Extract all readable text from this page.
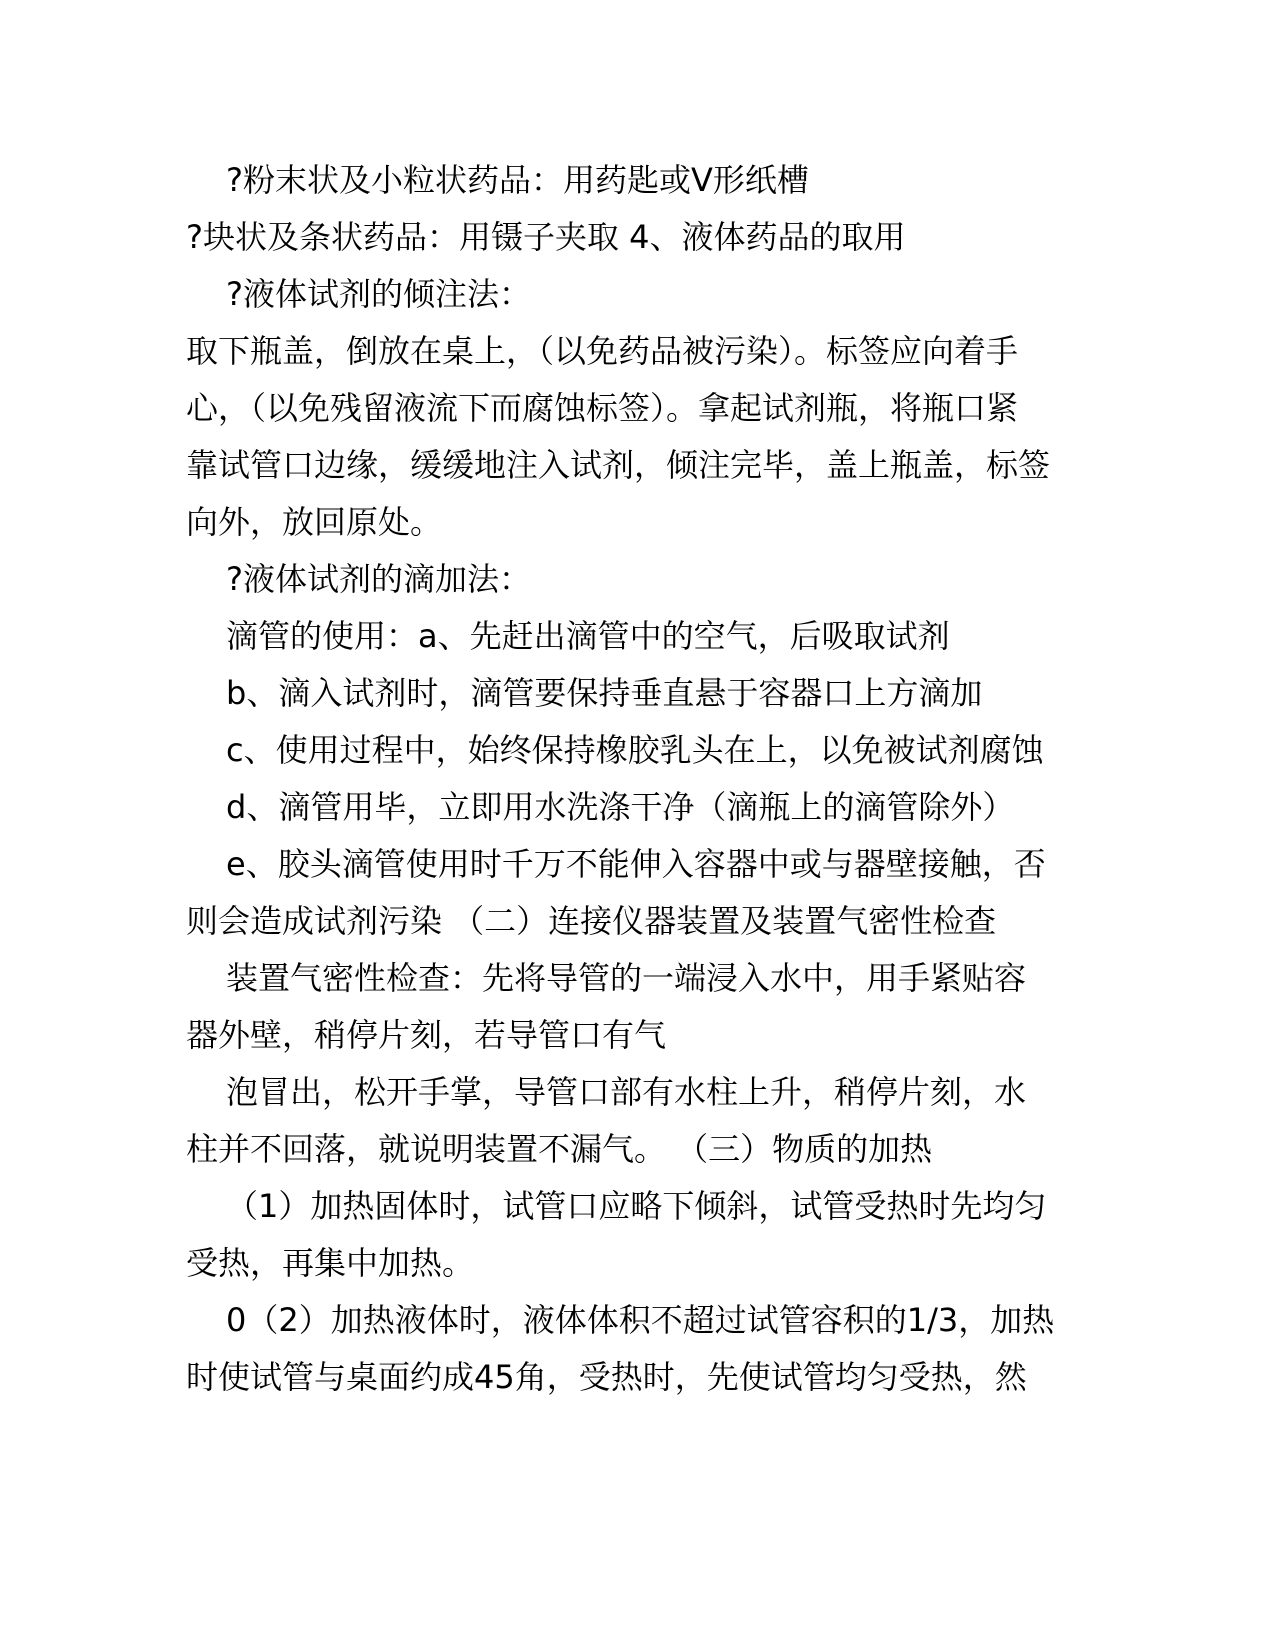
?粉末状及小粒状药品：用药匙或V形纸槽
?块状及条状药品：用镊子夹取 4、液体药品的取用
?液体试剂的倾注法：
取下瓶盖，倒放在桌上，（以免药品被污染）。标签应向着手
心，（以免残留液流下而腐蚀标签）。拿起试剂瓶，将瓶口紧
靠试管口边缘，缓缓地注入试剂，倾注完毕，盖上瓶盖，标签
向外，放回原处。
?液体试剂的滴加法：
滴管的使用：a、先赶出滴管中的空气，后吸取试剂
b、滴入试剂时，滴管要保持垂直悬于容器口上方滴加
c、使用过程中，始终保持橡胶乳头在上，以免被试剂腐蚀
d、滴管用毕，立即用水洗涤干净（滴瓶上的滴管除外）
e、胶头滴管使用时千万不能伸入容器中或与器壁接触，否
则会造成试剂污染 （二）连接仪器装置及装置气密性检查
装置气密性检查：先将导管的一端浸入水中，用手紧贴容
器外壁，稍停片刻，若导管口有气
泡冒出，松开手掌，导管口部有水柱上升，稍停片刻，水
柱并不回落，就说明装置不漏气。 （三）物质的加热
（1）加热固体时，试管口应略下倾斜，试管受热时先均匀
受热，再集中加热。
0（2）加热液体时，液体体积不超过试管容积的1/3，加热
时使试管与桌面约成45角，受热时，先使试管均匀受热，然
